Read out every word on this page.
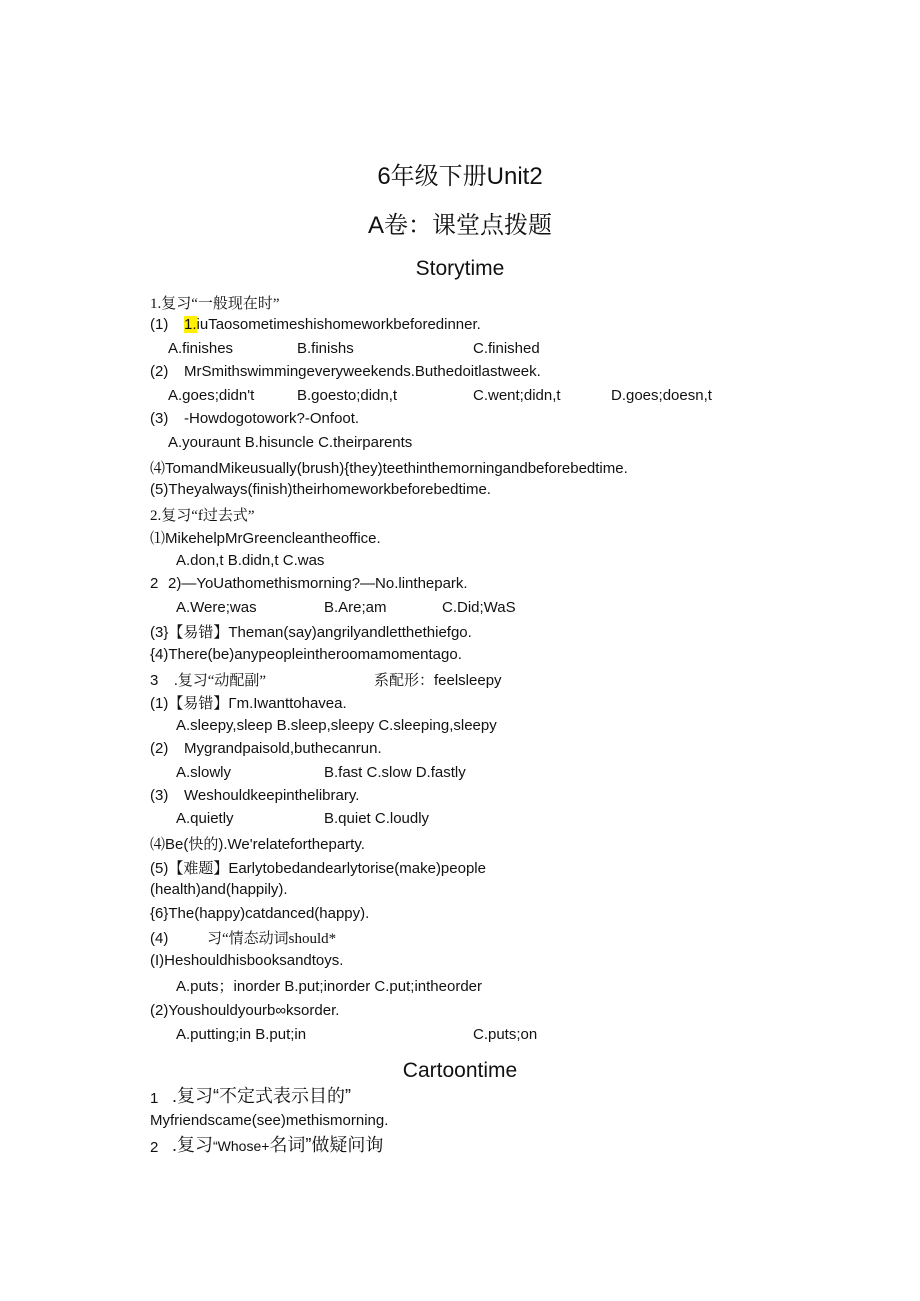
6年级下册Unit2
A卷：课堂点拨题
Storytime
1.复习“一般现在时”
(1) 1.iuTaosometimeshishomeworkbeforedinner.
A.finishes	B.finishs	C.finished
(2) MrSmithswimmingeveryweekends.Buthedoitlastweek.
A.goes;didn't	B.goesto;didn,t	C.went;didn,t	D.goes;doesn,t
(3) -Howdogotowork?-Onfoot.
A.youraunt B.hisuncle C.theirparents
⑷TomandMikeusually(brush){they)teethinthemorningandbeforebedtime.
(5)Theyalways(finish)theirhomeworkbeforebedtime.
2.复习“f过去式”
⑴MikehelpMrGreencleantheoffice.
A.don,t B.didn,t C.was
2 2)—YoUathomethismorning?—No.linthepark.
A.Were;was	B.Are;am	C.Did;WaS
(3}【易错】Theman(say)angrilyandletthethiefgo.
{4)There(be)anypeopleintheroomamomentago.
3 .复习“动配副”	系配形：feelsleepy
(1)【易错】Γm.Iwanttohavea.
A.sleepy,sleep B.sleep,sleepy C.sleeping,sleepy
(2) Mygrandpaisold,buthecanrun.
A.slowly	B.fast C.slow D.fastly
(3) Weshouldkeepinthelibrary.
A.quietly	B.quiet C.loudly
⑷Be(快的).We'relatefortheparty.
(5)【难题】Earlytobedandearlytorise(make)people
(health)and(happily).
{6}The(happy)catdanced(happy).
(4)	习“情态动词should*
(I)Heshouldhisbooksandtoys.
A.puts；inorder B.put;inorder C.put;intheorder
(2)Youshouldyourb∞ksorder.
A.putting;in B.put;in	C.puts;on
Cartoontime
1 .复习“不定式表示目的”
Myfriendscame(see)methismorning.
2 .复习“Whose+名词”做疑问询
